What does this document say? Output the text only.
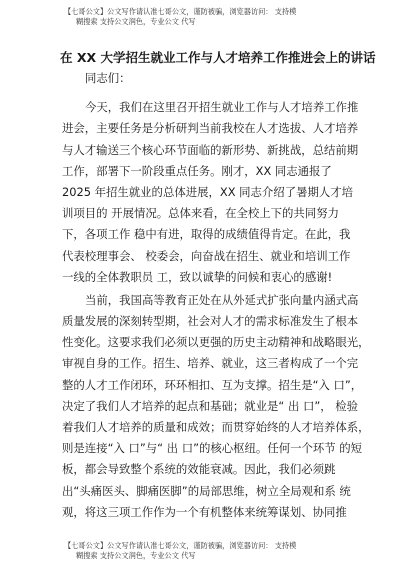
【七哥公文】公文写作请认准七哥公文，谨防被骗，浏览器访问： 支持模
糊搜索 支持公文润色，专业公文 代写
在 XX 大学招生就业工作与人才培养工作推进会上的讲话
同志们：
今天，我们在这里召开招生就业工作与人才培养工作推
进会，主要任务是分析研判当前我校在人才选拔、人才培养
与人才输送三个核心环节面临的新形势、新挑战，总结前期
工作，部署下一阶段重点任务。刚才，XX 同志通报了
2025 年招生就业的总体进展，XX 同志介绍了暑期人才培
训项目的 开展情况。总体来看，在全校上下的共同努力
下，各项工作 稳中有进，取得的成绩值得肯定。在此，我
代表校理事会、 校委会，向奋战在招生、就业和培训工作
一线的全体教职员 工，致以诚挚的问候和衷心的感谢!
当前，我国高等教育正处在从外延式扩张向量内涵式高
质量发展的深刻转型期，社会对人才的需求标准发生了根本
性变化。这要求我们必须以更强的历史主动精神和战略眼光，
审视自身的工作。招生、培养、就业，这三者构成了一个完
整的人才工作闭环，环环相扣、互为支撑。招生是“入 口”，
决定了我们人才培养的起点和基础；就业是“ 出 口”， 检验
着我们人才培养的质量和成效；而贯穿始终的人才培养体系，
则是连接“入 口”与“ 出 口”的核心枢纽。任何一个环节 的短
板，都会导致整个系统的效能衰减。因此，我们必须跳
出“头痛医头、脚痛医脚”的局部思维，树立全局观和系 统
观，将这三项工作作为一个有机整体来统筹谋划、协同推
【七哥公文】公文写作请认准七哥公文，谨防被骗，浏览器访问： 支持模
糊搜索 支持公文润色，专业公文 代写
